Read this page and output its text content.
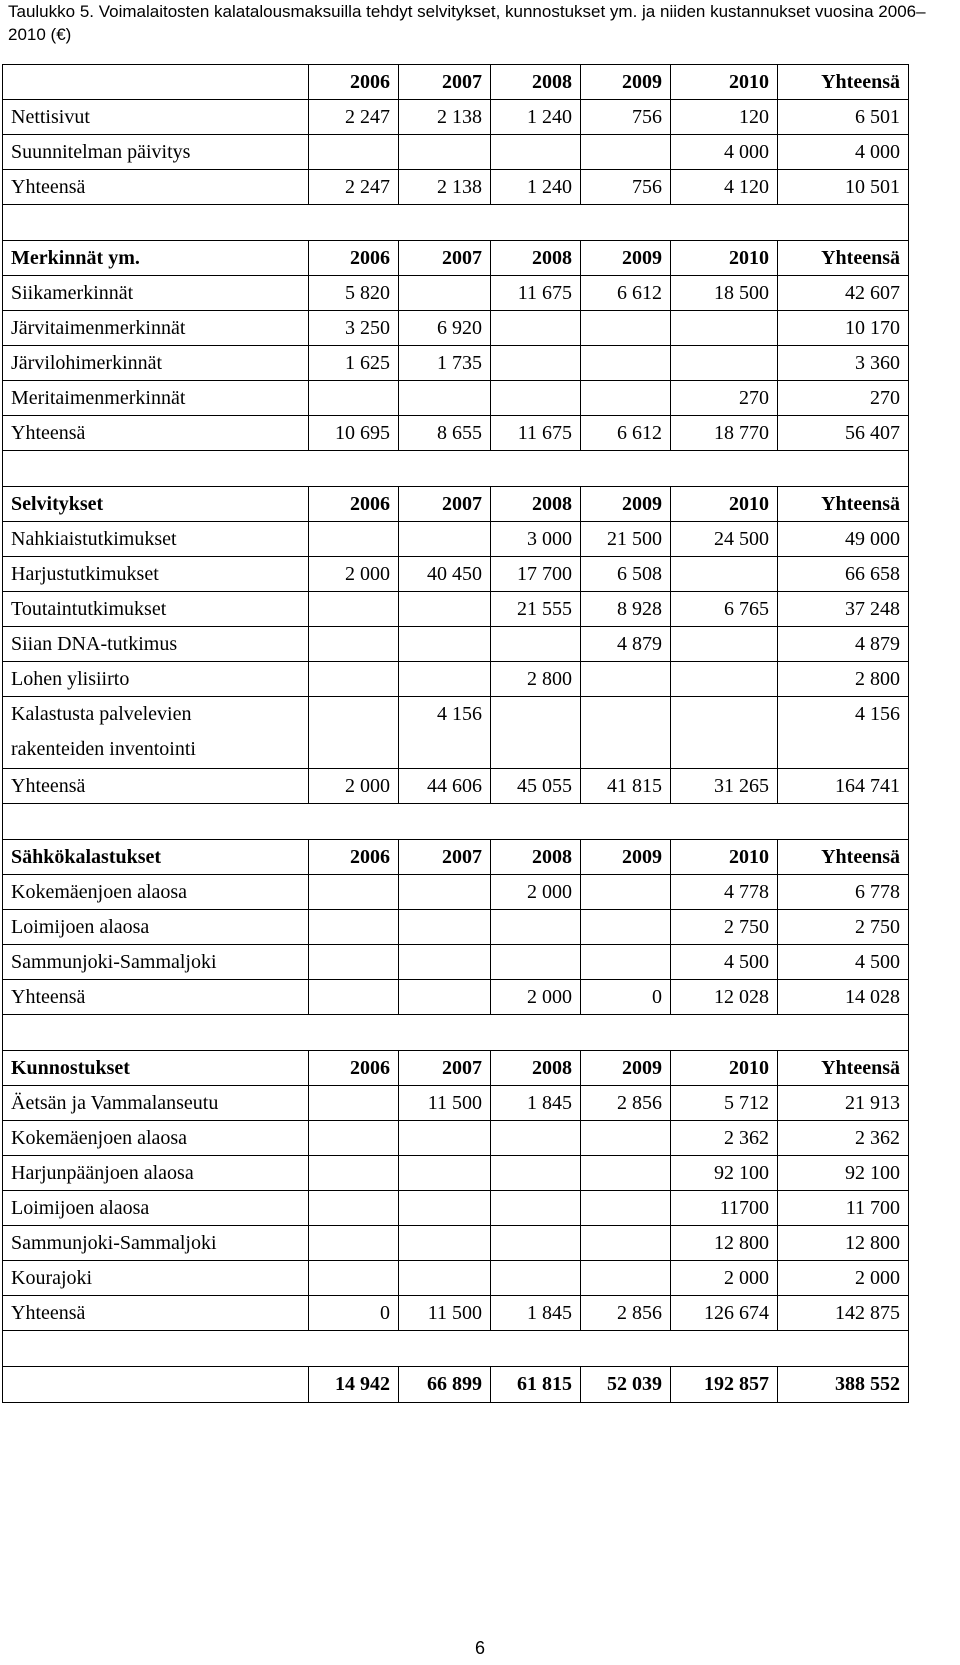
Taulukko 5. Voimalaitosten kalatalousmaksuilla tehdyt selvitykset, kunnostukset ym. ja niiden kustannukset vuosina 2006–2010 (€)
	2006	2007	2008	2009	2010	Yhteensä
Nettisivut	2 247	2 138	1 240	756	120	6 501
Suunnitelman päivitys					4 000	4 000
Yhteensä	2 247	2 138	1 240	756	4 120	10 501

Merkinnät ym.	2006	2007	2008	2009	2010	Yhteensä
Siikamerkinnät	5 820		11 675	6 612	18 500	42 607
Järvitaimenmerkinnät	3 250	6 920				10 170
Järvilohimerkinnät	1 625	1 735				3 360
Meritaimenmerkinnät					270	270
Yhteensä	10 695	8 655	11 675	6 612	18 770	56 407

Selvitykset	2006	2007	2008	2009	2010	Yhteensä
Nahkiaistutkimukset			3 000	21 500	24 500	49 000
Harjustutkimukset	2 000	40 450	17 700	6 508		66 658
Toutaintutkimukset			21 555	8 928	6 765	37 248
Siian DNA-tutkimus				4 879		4 879
Lohen ylisiirto			2 800			2 800

Kalastusta palvelevien
rakenteiden inventointi		4 156				4 156

Yhteensä	2 000	44 606	45 055	41 815	31 265	164 741

Sähkökalastukset	2006	2007	2008	2009	2010	Yhteensä
Kokemäenjoen alaosa			2 000		4 778	6 778
Loimijoen alaosa					2 750	2 750
Sammunjoki-Sammaljoki					4 500	4 500
Yhteensä			2 000	0	12 028	14 028

Kunnostukset	2006	2007	2008	2009	2010	Yhteensä
Äetsän ja Vammalanseutu		11 500	1 845	2 856	5 712	21 913
Kokemäenjoen alaosa					2 362	2 362
Harjunpäänjoen alaosa					92 100	92 100
Loimijoen alaosa					11700	11 700
Sammunjoki-Sammaljoki					12 800	12 800
Kourajoki					2 000	2 000
Yhteensä	0	11 500	1 845	2 856	126 674	142 875

	14 942	66 899	61 815	52 039	192 857	388 552
6
